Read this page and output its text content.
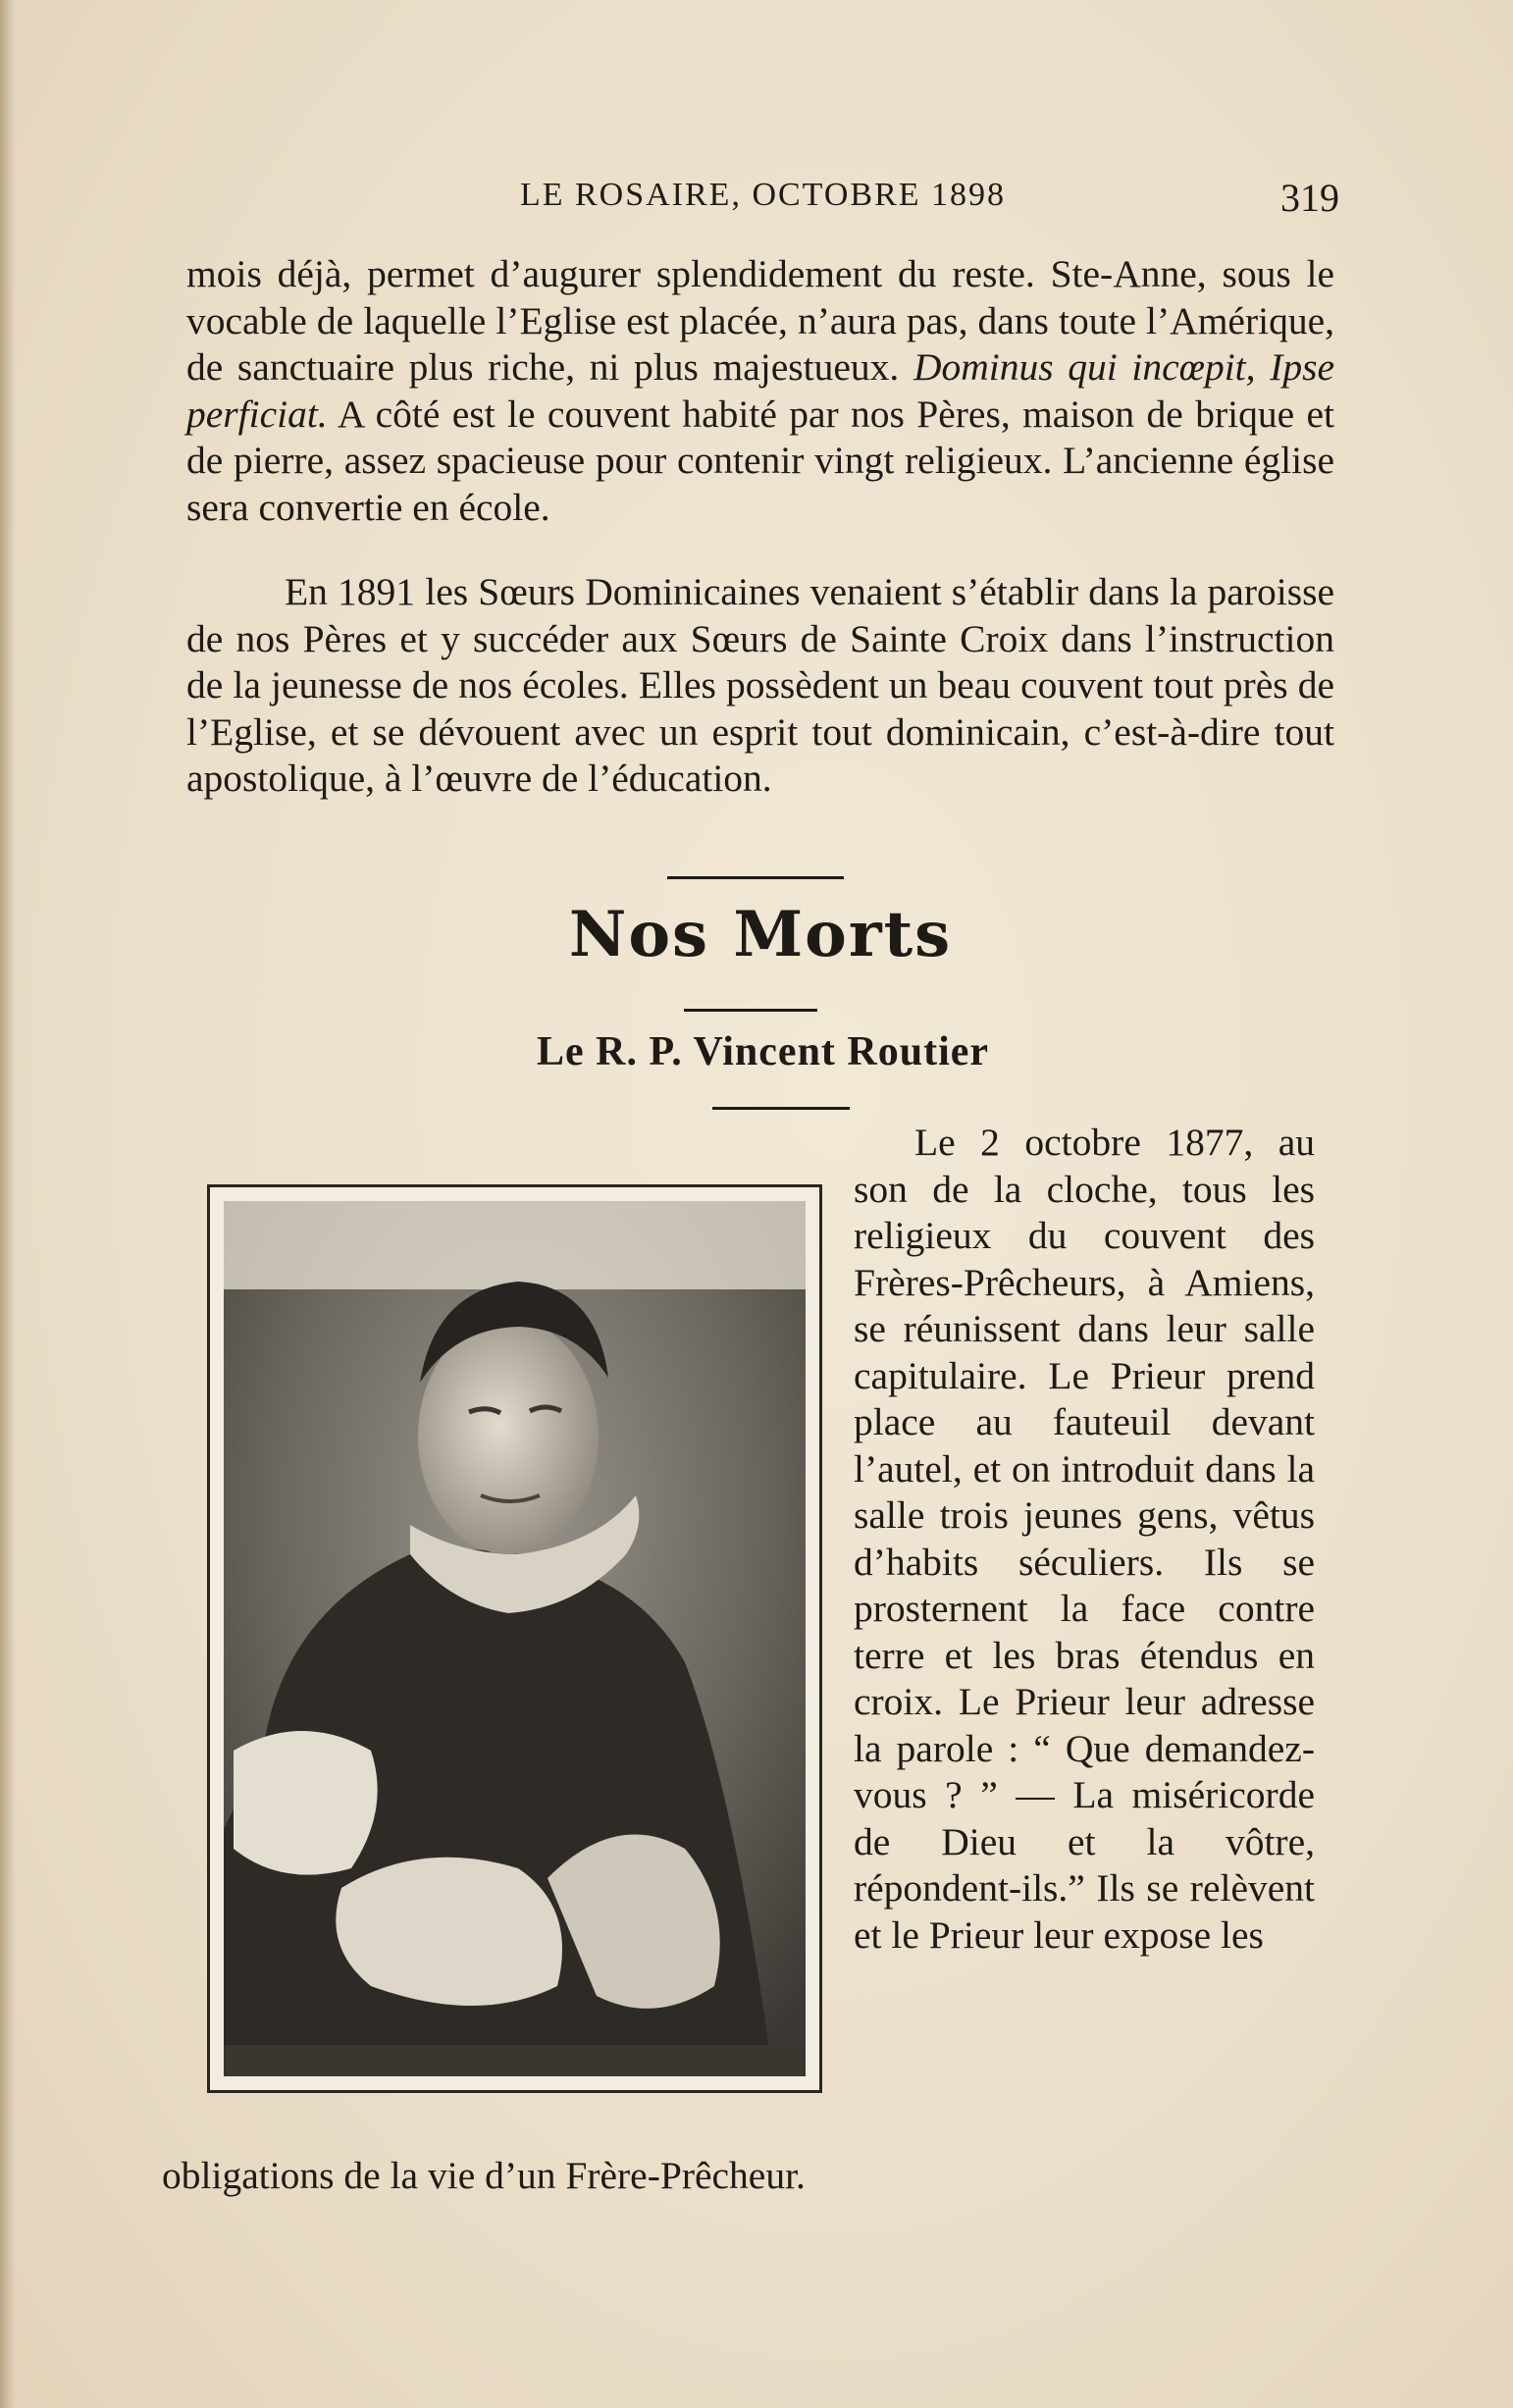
LE ROSAIRE, OCTOBRE 1898	319

mois déjà, permet d’augurer splendidement du reste. Ste-Anne, sous le vocable de laquelle l’Eglise est placée, n’aura pas, dans toute l’Amérique, de sanctuaire plus riche, ni plus majestueux. Dominus qui incœpit, Ipse perficiat. A côté est le couvent habité par nos Pères, maison de brique et de pierre, assez spacieuse pour contenir vingt religieux. L’ancienne église sera convertie en école.

En 1891 les Sœurs Dominicaines venaient s’établir dans la paroisse de nos Pères et y succéder aux Sœurs de Sainte Croix dans l’instruction de la jeunesse de nos écoles. Elles possèdent un beau couvent tout près de l’Eglise, et se dévouent avec un esprit tout dominicain, c’est-à-dire tout apostolique, à l’œuvre de l’éducation.

Nos Morts
Le R. P. Vincent Routier

Le 2 octobre 1877, au son de la cloche, tous les religieux du couvent des Frères-Prêcheurs, à Amiens, se réunissent dans leur salle capitulaire. Le Prieur prend place au fauteuil devant l’autel, et on introduit dans la salle trois jeunes gens, vêtus d’habits séculiers. Ils se prosternent la face contre terre et les bras étendus en croix. Le Prieur leur adresse la parole : “ Que demandez-vous ? ” — La miséricorde de Dieu et la vôtre, répondent-ils.” Ils se relèvent et le Prieur leur expose les

obligations de la vie d’un Frère-Prêcheur.
